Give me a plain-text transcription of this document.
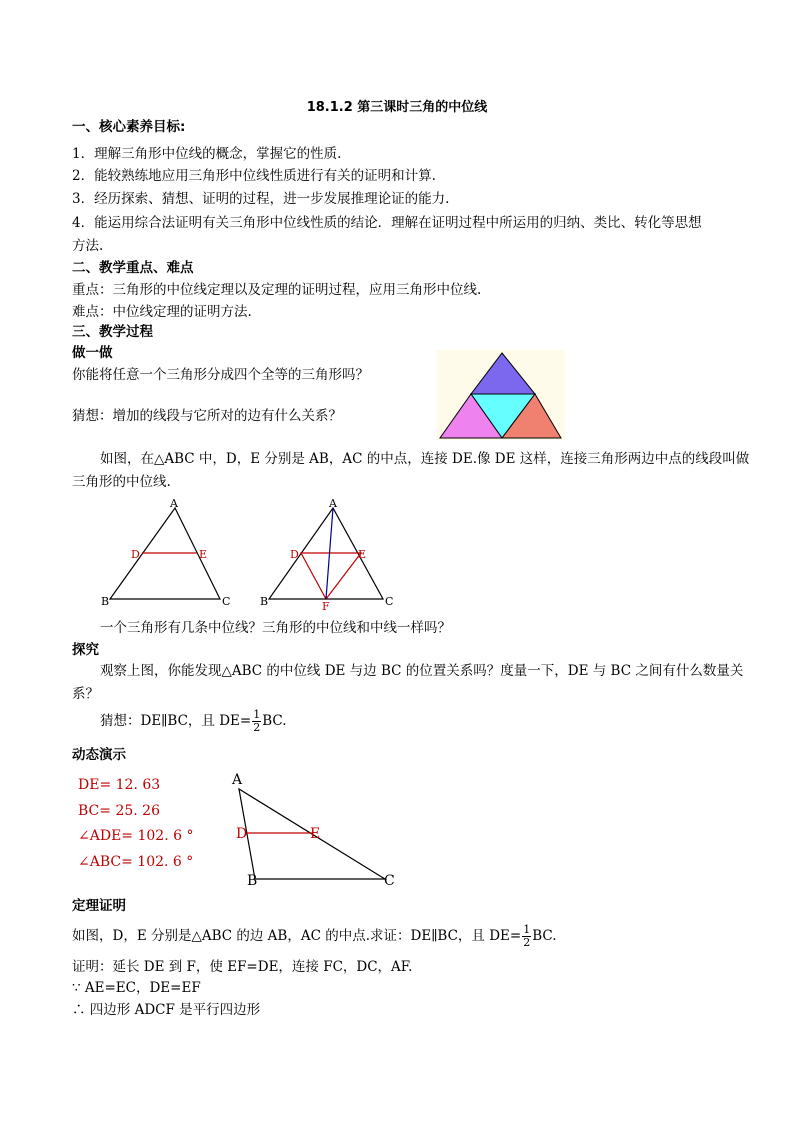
18.1.2 第三课时三角的中位线
一、核心素养目标:
1．理解三角形中位线的概念，掌握它的性质.
2．能较熟练地应用三角形中位线性质进行有关的证明和计算.
3．经历探索、猜想、证明的过程，进一步发展推理论证的能力.
4．能运用综合法证明有关三角形中位线性质的结论．理解在证明过程中所运用的归纳、类比、转化等思想
方法.
二、教学重点、难点
重点：三角形的中位线定理以及定理的证明过程，应用三角形中位线.
难点：中位线定理的证明方法.
三、教学过程
做一做
你能将任意一个三角形分成四个全等的三角形吗？
猜想：增加的线段与它所对的边有什么关系？
如图，在△ABC 中，D，E 分别是 AB，AC 的中点，连接 DE.像 DE 这样，连接三角形两边中点的线段叫做
三角形的中位线.
A
B	C
D	E
A
B	C
D	E
F
一个三角形有几条中位线？三角形的中位线和中线一样吗？
探究
观察上图，你能发现△ABC 的中位线 DE 与边 BC 的位置关系吗？度量一下，DE 与 BC 之间有什么数量关
系？
猜想：DE∥BC，且 $DE= \frac{1}{2}$ BC.
动态演示
DE= 12. 63
BC= 25. 26
∠ADE= 102. 6 °
∠ABC= 102. 6 °
A
B	C
D	E
定理证明
如图，D，E 分别是△ABC 的边 AB，AC 的中点.求证：DE∥BC，且 $DE= \frac{1}{2}$ BC.
证明：延长 DE 到 F，使 EF=DE，连接 FC，DC，AF.
∵ AE=EC，DE=EF
∴ 四边形 ADCF 是平行四边形
